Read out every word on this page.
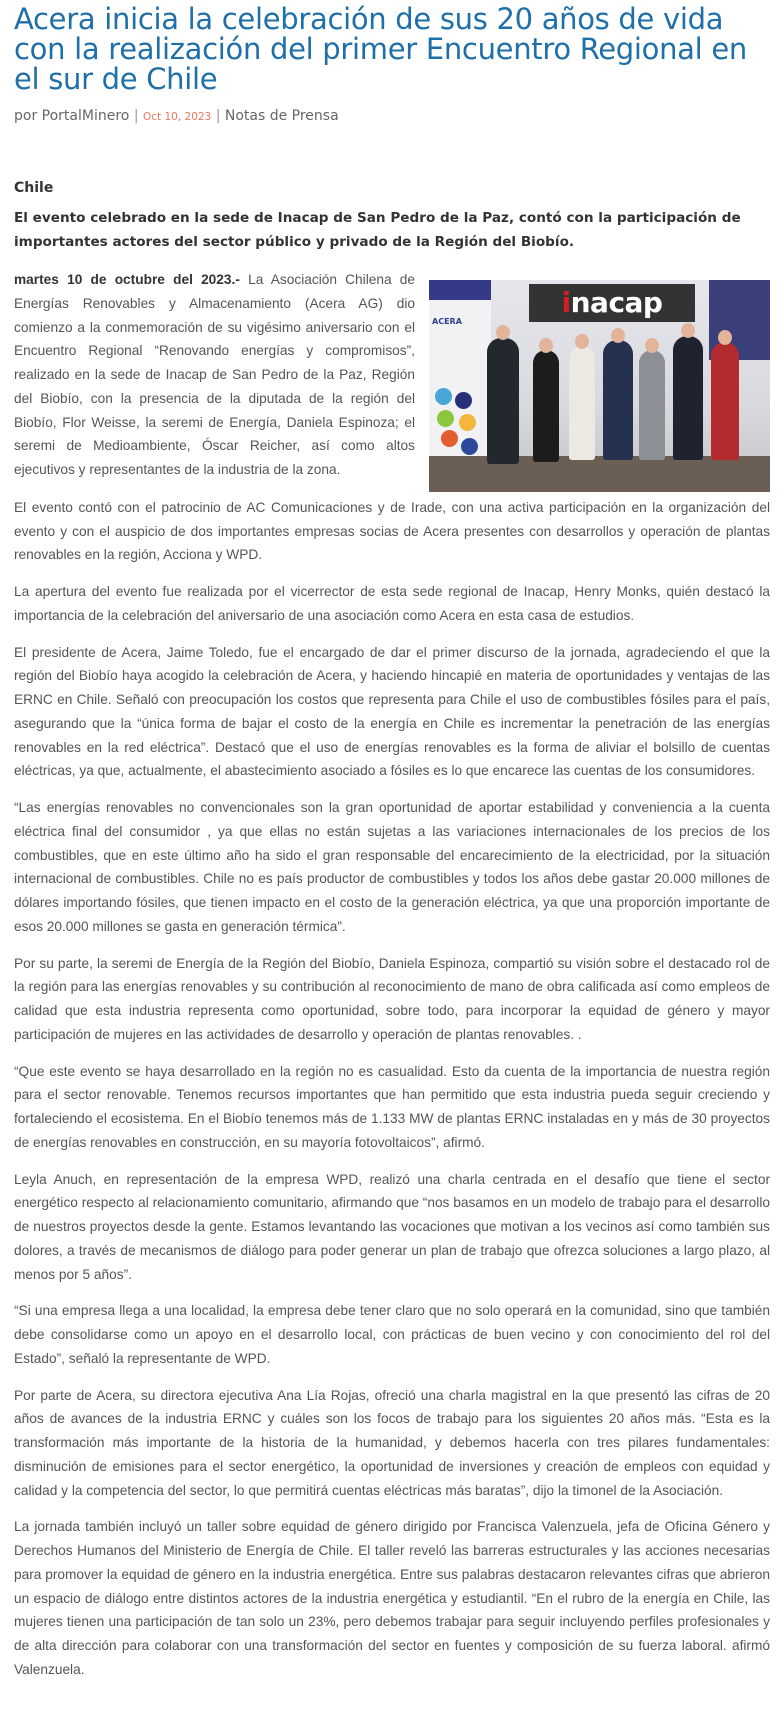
Acera inicia la celebración de sus 20 años de vida con la realización del primer Encuentro Regional en el sur de Chile
por PortalMinero | Oct 10, 2023 | Notas de Prensa
Chile

El evento celebrado en la sede de Inacap de San Pedro de la Paz, contó con la participación de importantes actores del sector público y privado de la Región del Biobío.

ACERA
inacap

martes 10 de octubre del 2023.- La Asociación Chilena de Energías Renovables y Almacenamiento (Acera AG) dio comienzo a la conmemoración de su vigésimo aniversario con el Encuentro Regional “Renovando energías y compromisos”, realizado en la sede de Inacap de San Pedro de la Paz, Región del Biobío, con la presencia de la diputada de la región del Biobío, Flor Weisse, la seremi de Energía, Daniela Espinoza; el seremi de Medioambiente, Óscar Reicher, así como altos ejecutivos y representantes de la industria de la zona.

El evento contó con el patrocinio de AC Comunicaciones y de Irade, con una activa participación en la organización del evento y con el auspicio de dos importantes empresas socias de Acera presentes con desarrollos y operación de plantas renovables en la región, Acciona y WPD.

La apertura del evento fue realizada por el vicerrector de esta sede regional de Inacap, Henry Monks, quién destacó la importancia de la celebración del aniversario de una asociación como Acera en esta casa de estudios.

El presidente de Acera, Jaime Toledo, fue el encargado de dar el primer discurso de la jornada, agradeciendo el que la región del Biobío haya acogido la celebración de Acera, y haciendo hincapié en materia de oportunidades y ventajas de las ERNC en Chile. Señaló con preocupación los costos que representa para Chile el uso de combustibles fósiles para el país, asegurando que la “única forma de bajar el costo de la energía en Chile es incrementar la penetración de las energías renovables en la red eléctrica”. Destacó que el uso de energías renovables es la forma de aliviar el bolsillo de cuentas eléctricas, ya que, actualmente, el abastecimiento asociado a fósiles es lo que encarece las cuentas de los consumidores.

“Las energías renovables no convencionales son la gran oportunidad de aportar estabilidad y conveniencia a la cuenta eléctrica final del consumidor , ya que ellas no están sujetas a las variaciones internacionales de los precios de los combustibles, que en este último año ha sido el gran responsable del encarecimiento de la electricidad, por la situación internacional de combustibles. Chile no es país productor de combustibles y todos los años debe gastar 20.000 millones de dólares importando fósiles, que tienen impacto en el costo de la generación eléctrica, ya que una proporción importante de esos 20.000 millones se gasta en generación térmica”.

Por su parte, la seremi de Energía de la Región del Biobío, Daniela Espinoza, compartió su visión sobre el destacado rol de la región para las energías renovables y su contribución al reconocimiento de mano de obra calificada así como empleos de calidad que esta industria representa como oportunidad, sobre todo, para incorporar la equidad de género y mayor participación de mujeres en las actividades de desarrollo y operación de plantas renovables. .

“Que este evento se haya desarrollado en la región no es casualidad. Esto da cuenta de la importancia de nuestra región para el sector renovable. Tenemos recursos importantes que han permitido que esta industria pueda seguir creciendo y fortaleciendo el ecosistema. En el Biobío tenemos más de 1.133 MW de plantas ERNC instaladas en y más de 30 proyectos de energías renovables en construcción, en su mayoría fotovoltaicos”, afirmó.

Leyla Anuch, en representación de la empresa WPD, realizó una charla centrada en el desafío que tiene el sector energético respecto al relacionamiento comunitario, afirmando que “nos basamos en un modelo de trabajo para el desarrollo de nuestros proyectos desde la gente. Estamos levantando las vocaciones que motivan a los vecinos así como también sus dolores, a través de mecanismos de diálogo para poder generar un plan de trabajo que ofrezca soluciones a largo plazo, al menos por 5 años”.

“Si una empresa llega a una localidad, la empresa debe tener claro que no solo operará en la comunidad, sino que también debe consolidarse como un apoyo en el desarrollo local, con prácticas de buen vecino y con conocimiento del rol del Estado”, señaló la representante de WPD.

Por parte de Acera, su directora ejecutiva Ana Lía Rojas, ofreció una charla magistral en la que presentó las cifras de 20 años de avances de la industria ERNC y cuáles son los focos de trabajo para los siguientes 20 años más. “Esta es la transformación más importante de la historia de la humanidad, y debemos hacerla con tres pilares fundamentales: disminución de emisiones para el sector energético, la oportunidad de inversiones y creación de empleos con equidad y calidad y la competencia del sector, lo que permitirá cuentas eléctricas más baratas”, dijo la timonel de la Asociación.

La jornada también incluyó un taller sobre equidad de género dirigido por Francisca Valenzuela, jefa de Oficina Género y Derechos Humanos del Ministerio de Energía de Chile. El taller reveló las barreras estructurales y las acciones necesarias para promover la equidad de género en la industria energética. Entre sus palabras destacaron relevantes cifras que abrieron un espacio de diálogo entre distintos actores de la industria energética y estudiantil. “En el rubro de la energía en Chile, las mujeres tienen una participación de tan solo un 23%, pero debemos trabajar para seguir incluyendo perfiles profesionales y de alta dirección para colaborar con una transformación del sector en fuentes y composición de su fuerza laboral. afirmó Valenzuela.
